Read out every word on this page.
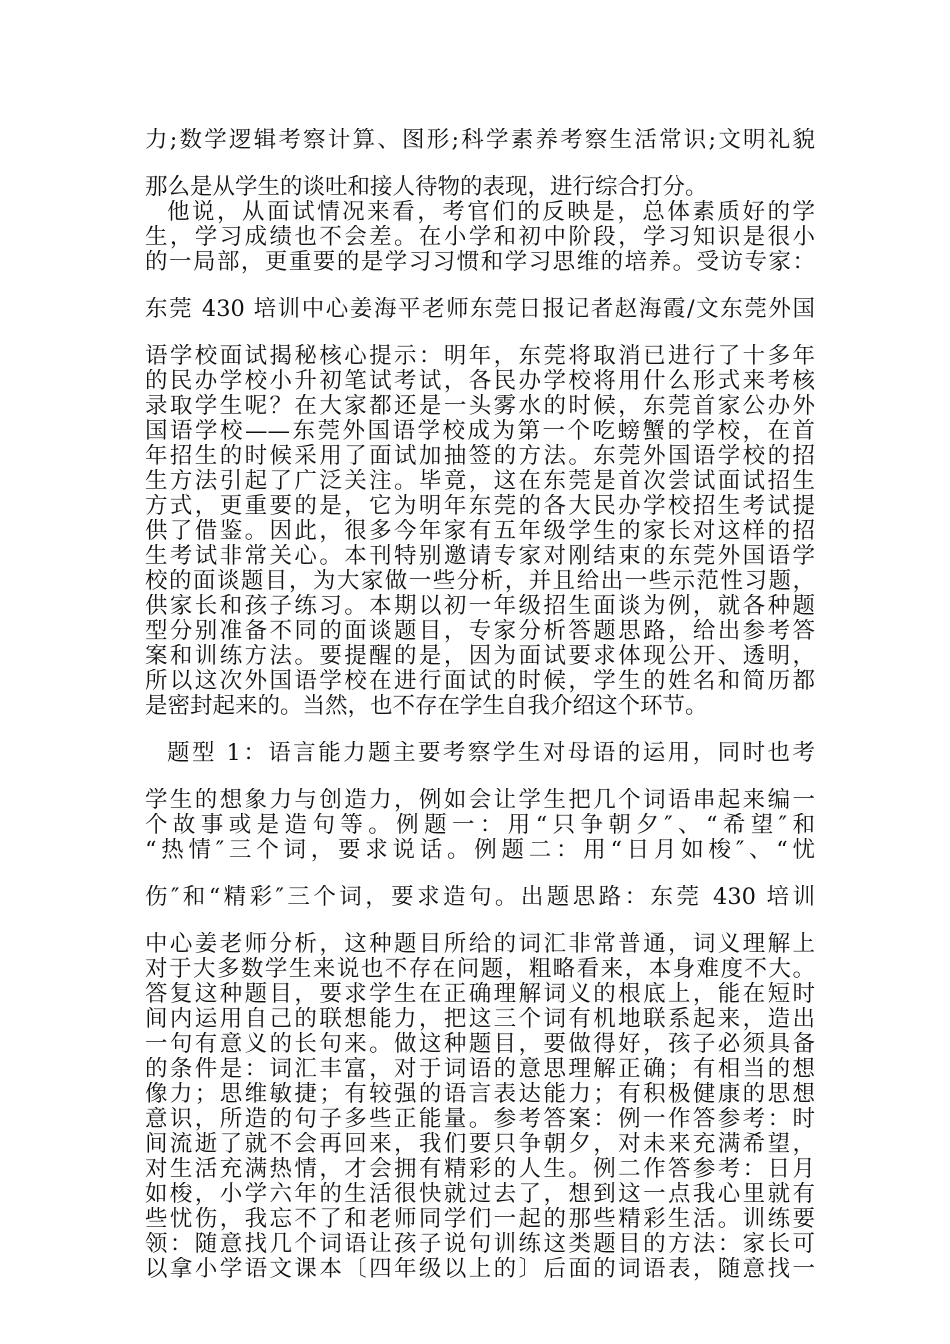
力;数学逻辑考察计算、图形;科学素养考察生活常识;文明礼貌
那么是从学生的谈吐和接人待物的表现，进行综合打分。
他说，从面试情况来看，考官们的反映是，总体素质好的学
生，学习成绩也不会差。在小学和初中阶段，学习知识是很小
的一局部，更重要的是学习习惯和学习思维的培养。受访专家：
东莞 430 培训中心姜海平老师东莞日报记者赵海霞/文东莞外国
语学校面试揭秘核心提示：明年，东莞将取消已进行了十多年
的民办学校小升初笔试考试，各民办学校将用什么形式来考核
录取学生呢？在大家都还是一头雾水的时候，东莞首家公办外
国语学校——东莞外国语学校成为第一个吃螃蟹的学校，在首
年招生的时候采用了面试加抽签的方法。东莞外国语学校的招
生方法引起了广泛关注。毕竟，这在东莞是首次尝试面试招生
方式，更重要的是，它为明年东莞的各大民办学校招生考试提
供了借鉴。因此，很多今年家有五年级学生的家长对这样的招
生考试非常关心。本刊特别邀请专家对刚结束的东莞外国语学
校的面谈题目，为大家做一些分析，并且给出一些示范性习题，
供家长和孩子练习。本期以初一年级招生面谈为例，就各种题
型分别准备不同的面谈题目，专家分析答题思路，给出参考答
案和训练方法。要提醒的是，因为面试要求体现公开、透明，
所以这次外国语学校在进行面试的时候，学生的姓名和简历都
是密封起来的。当然，也不存在学生自我介绍这个环节。
题型 1：语言能力题主要考察学生对母语的运用，同时也考
学生的想象力与创造力，例如会让学生把几个词语串起来编一
个故事或是造句等。例题一：用“只争朝夕″、“希望″和
“热情″三个词，要求说话。例题二：用“日月如梭″、“忧
伤″和“精彩″三个词，要求造句。出题思路：东莞 430 培训
中心姜老师分析，这种题目所给的词汇非常普通，词义理解上
对于大多数学生来说也不存在问题，粗略看来，本身难度不大。
答复这种题目，要求学生在正确理解词义的根底上，能在短时
间内运用自己的联想能力，把这三个词有机地联系起来，造出
一句有意义的长句来。做这种题目，要做得好，孩子必须具备
的条件是：词汇丰富，对于词语的意思理解正确；有相当的想
像力；思维敏捷；有较强的语言表达能力；有积极健康的思想
意识，所造的句子多些正能量。参考答案：例一作答参考：时
间流逝了就不会再回来，我们要只争朝夕，对未来充满希望，
对生活充满热情，才会拥有精彩的人生。例二作答参考：日月
如梭，小学六年的生活很快就过去了，想到这一点我心里就有
些忧伤，我忘不了和老师同学们一起的那些精彩生活。训练要
领：随意找几个词语让孩子说句训练这类题目的方法：家长可
以拿小学语文课本〔四年级以上的〕后面的词语表，随意找一
